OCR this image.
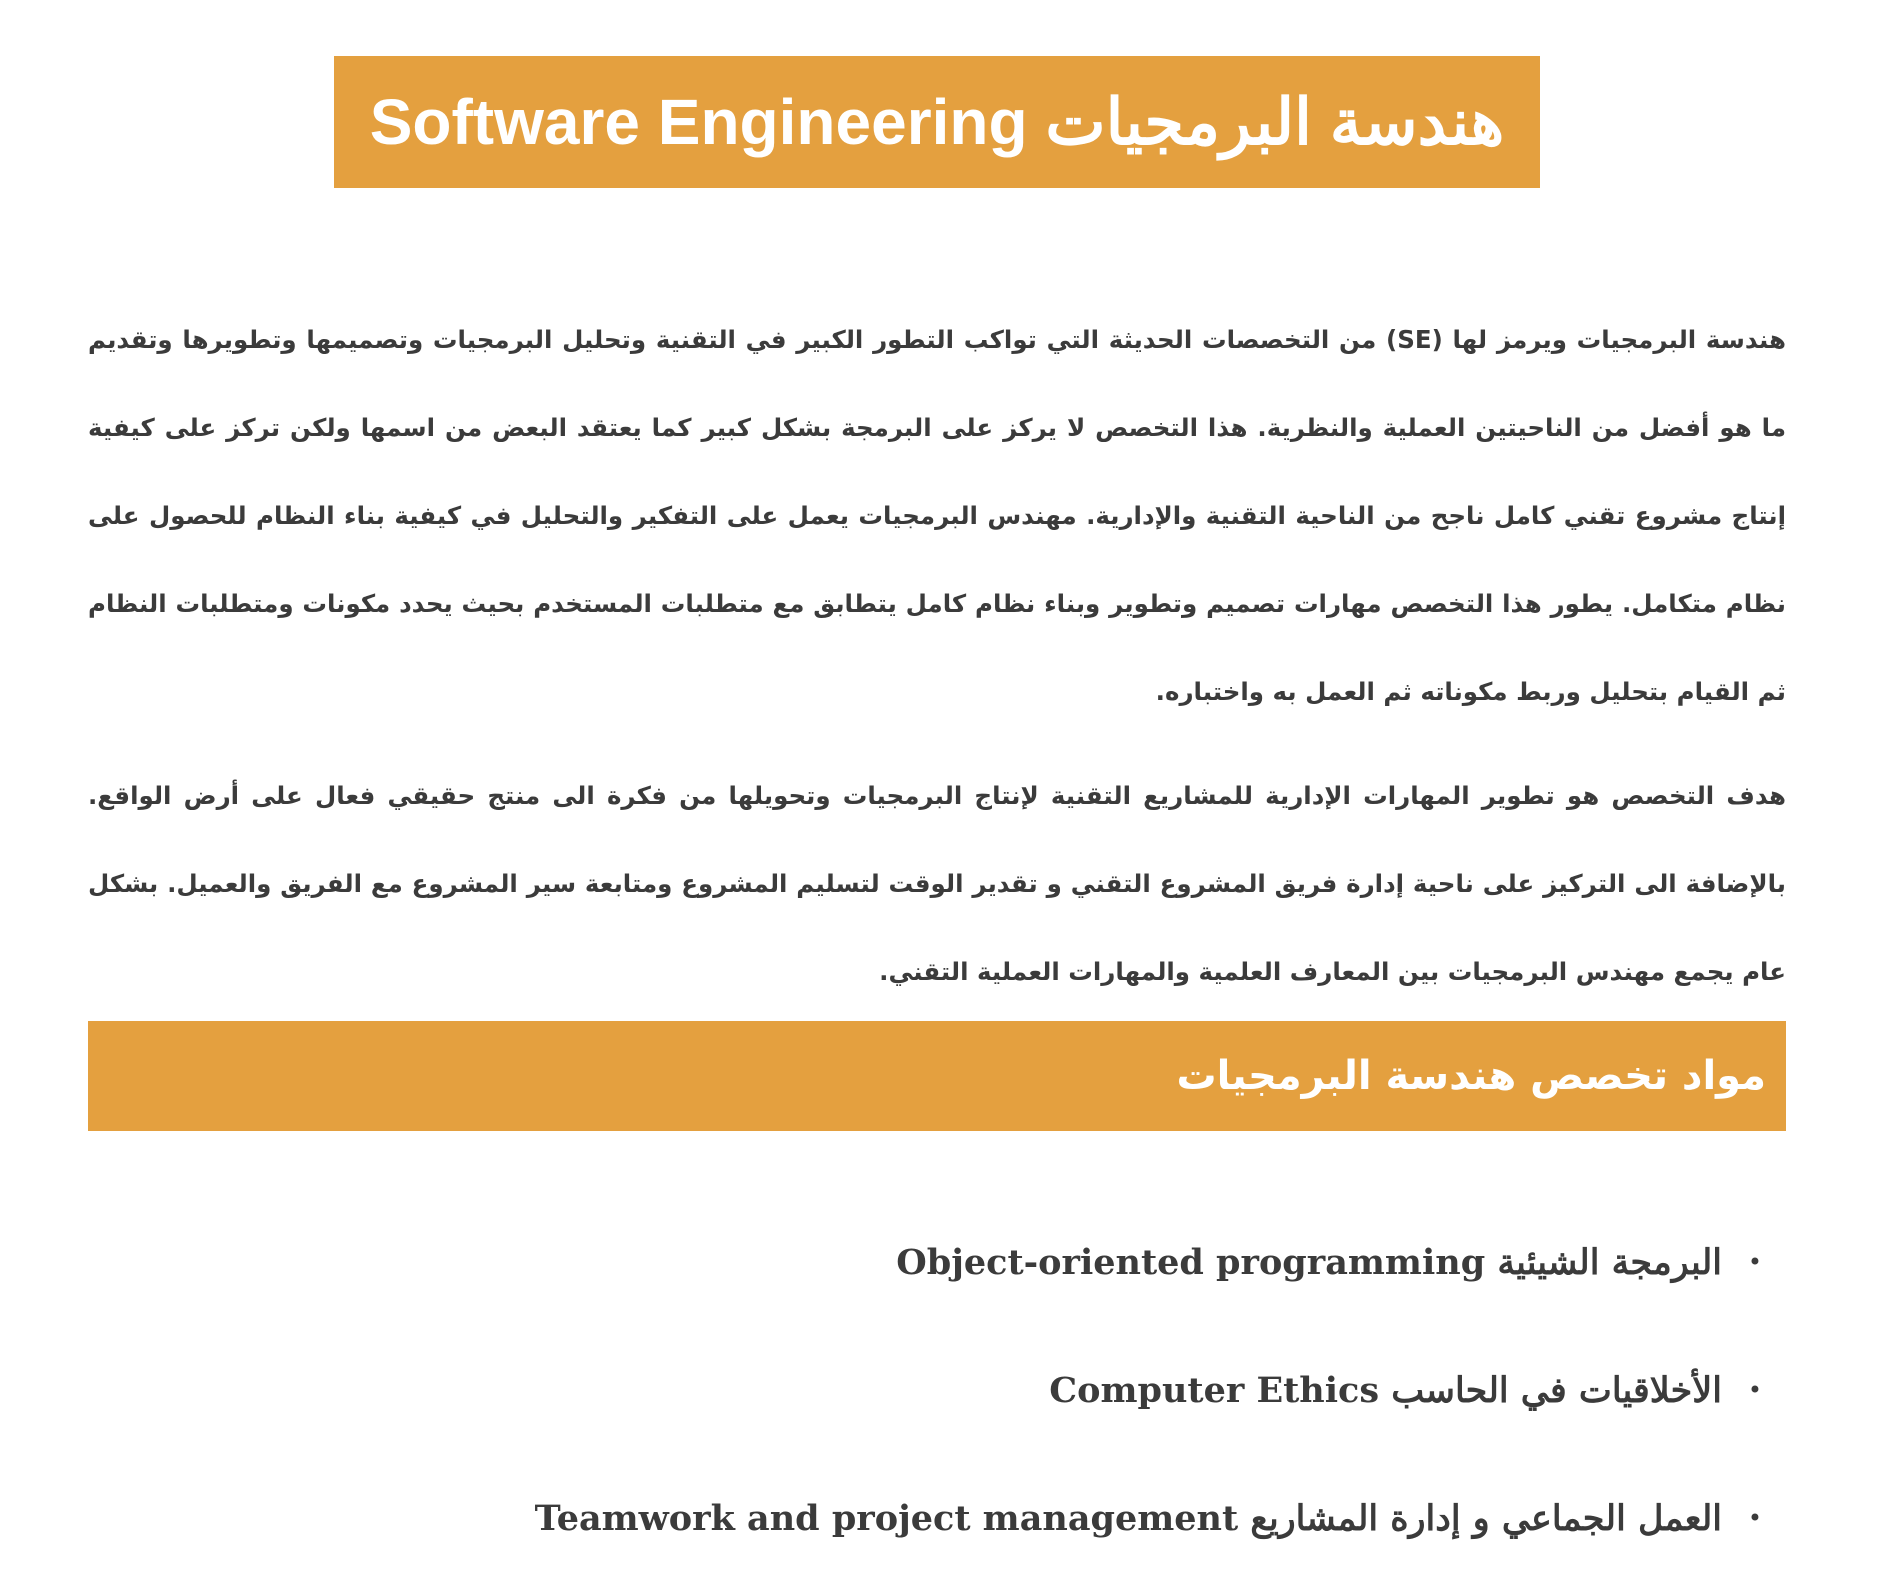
هندسة البرمجيات Software Engineering

هندسة البرمجيات ويرمز لها (SE) من التخصصات الحديثة التي تواكب التطور الكبير في التقنية وتحليل البرمجيات وتصميمها وتطويرها وتقديم ما هو أفضل من الناحيتين العملية والنظرية. هذا التخصص لا يركز على البرمجة بشكل كبير كما يعتقد البعض من اسمها ولكن تركز على كيفية إنتاج مشروع تقني كامل ناجح من الناحية التقنية والإدارية. مهندس البرمجيات يعمل على التفكير والتحليل في كيفية بناء النظام للحصول على نظام متكامل. يطور هذا التخصص مهارات تصميم وتطوير وبناء نظام كامل يتطابق مع متطلبات المستخدم بحيث يحدد مكونات ومتطلبات النظام ثم القيام بتحليل وربط مكوناته ثم العمل به واختباره.

هدف التخصص هو تطوير المهارات الإدارية للمشاريع التقنية لإنتاج البرمجيات وتحويلها من فكرة الى منتج حقيقي فعال على أرض الواقع. بالإضافة الى التركيز على ناحية إدارة فريق المشروع التقني و تقدير الوقت لتسليم المشروع ومتابعة سير المشروع مع الفريق والعميل. بشكل عام يجمع مهندس البرمجيات بين المعارف العلمية والمهارات العملية التقني.

مواد تخصص هندسة البرمجيات
•
Object-oriented programming البرمجة الشيئية
•
Computer Ethics الأخلاقيات في الحاسب
•
Teamwork and project management العمل الجماعي و إدارة المشاريع
